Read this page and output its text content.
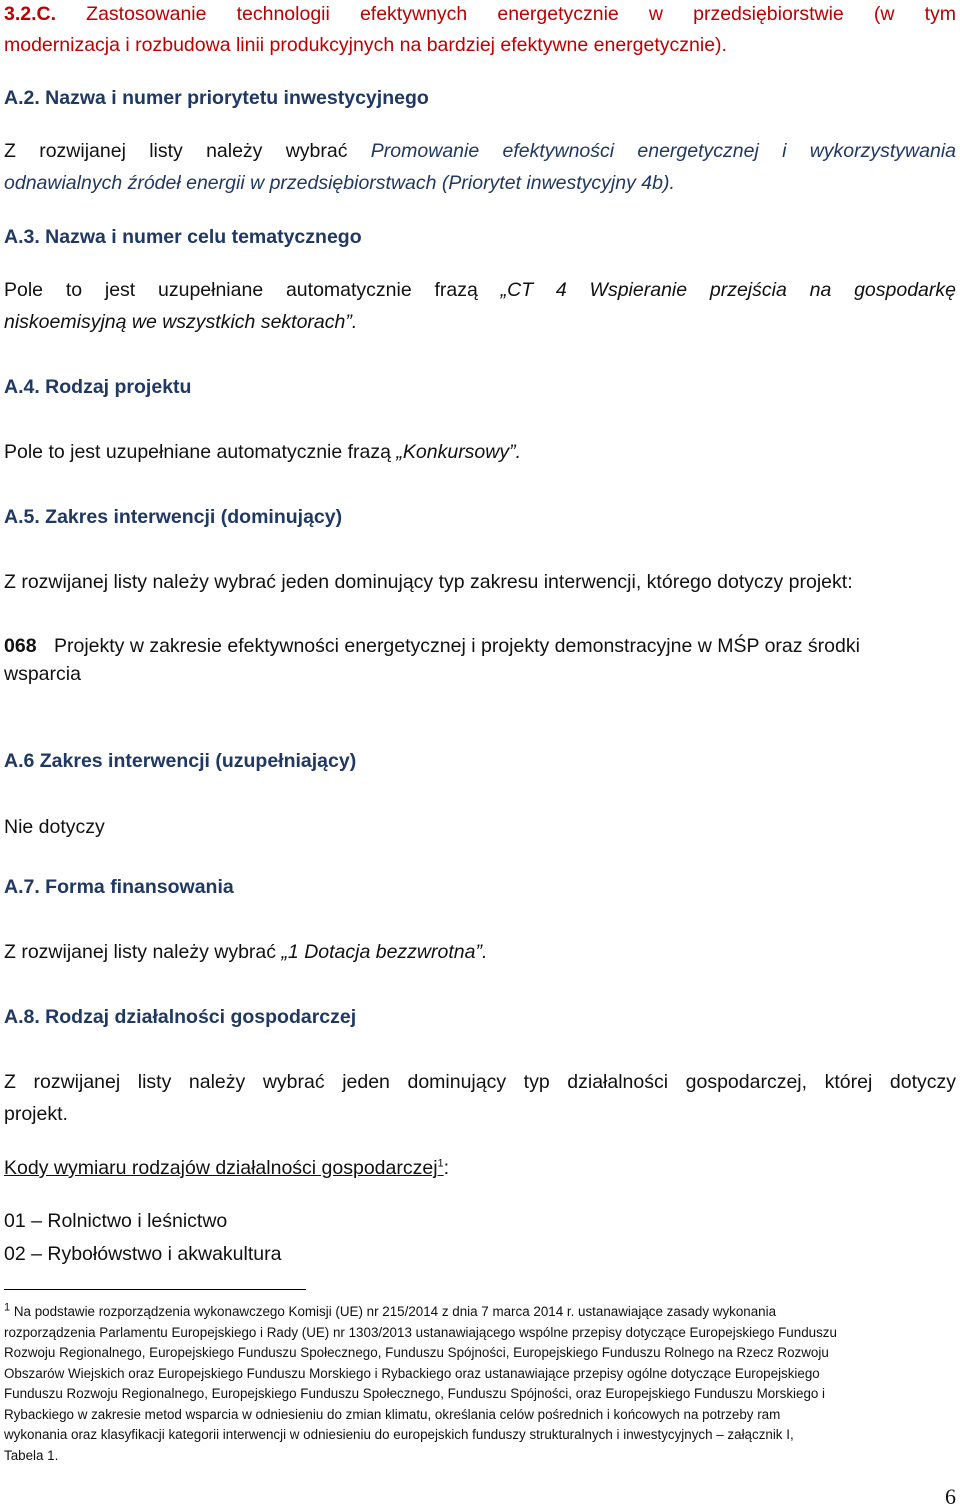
3.2.C. Zastosowanie technologii efektywnych energetycznie w przedsiębiorstwie (w tym
modernizacja i rozbudowa linii produkcyjnych na bardziej efektywne energetycznie).
A.2. Nazwa i numer priorytetu inwestycyjnego
Z rozwijanej listy należy wybrać Promowanie efektywności energetycznej i wykorzystywania
odnawialnych źródeł energii w przedsiębiorstwach (Priorytet inwestycyjny 4b).
A.3. Nazwa i numer celu tematycznego
Pole to jest uzupełniane automatycznie frazą „CT 4 Wspieranie przejścia na gospodarkę
niskoemisyjną we wszystkich sektorach”.
A.4. Rodzaj projektu
Pole to jest uzupełniane automatycznie frazą „Konkursowy”.
A.5. Zakres interwencji (dominujący)
Z rozwijanej listy należy wybrać jeden dominujący typ zakresu interwencji, którego dotyczy projekt:
068 Projekty w zakresie efektywności energetycznej i projekty demonstracyjne w MŚP oraz środki
wsparcia
A.6 Zakres interwencji (uzupełniający)
Nie dotyczy
A.7. Forma finansowania
Z rozwijanej listy należy wybrać „1 Dotacja bezzwrotna”.
A.8. Rodzaj działalności gospodarczej
Z rozwijanej listy należy wybrać jeden dominujący typ działalności gospodarczej, której dotyczy
projekt.
Kody wymiaru rodzajów działalności gospodarczej$^1$:
01 – Rolnictwo i leśnictwo
02 – Rybołówstwo i akwakultura
$^1$ Na podstawie rozporządzenia wykonawczego Komisji (UE) nr 215/2014 z dnia 7 marca 2014 r. ustanawiające zasady wykonania
rozporządzenia Parlamentu Europejskiego i Rady (UE) nr 1303/2013 ustanawiającego wspólne przepisy dotyczące Europejskiego Funduszu
Rozwoju Regionalnego, Europejskiego Funduszu Społecznego, Funduszu Spójności, Europejskiego Funduszu Rolnego na Rzecz Rozwoju
Obszarów Wiejskich oraz Europejskiego Funduszu Morskiego i Rybackiego oraz ustanawiające przepisy ogólne dotyczące Europejskiego
Funduszu Rozwoju Regionalnego, Europejskiego Funduszu Społecznego, Funduszu Spójności, oraz Europejskiego Funduszu Morskiego i
Rybackiego w zakresie metod wsparcia w odniesieniu do zmian klimatu, określania celów pośrednich i końcowych na potrzeby ram
wykonania oraz klasyfikacji kategorii interwencji w odniesieniu do europejskich funduszy strukturalnych i inwestycyjnych – załącznik I,
Tabela 1.
6
